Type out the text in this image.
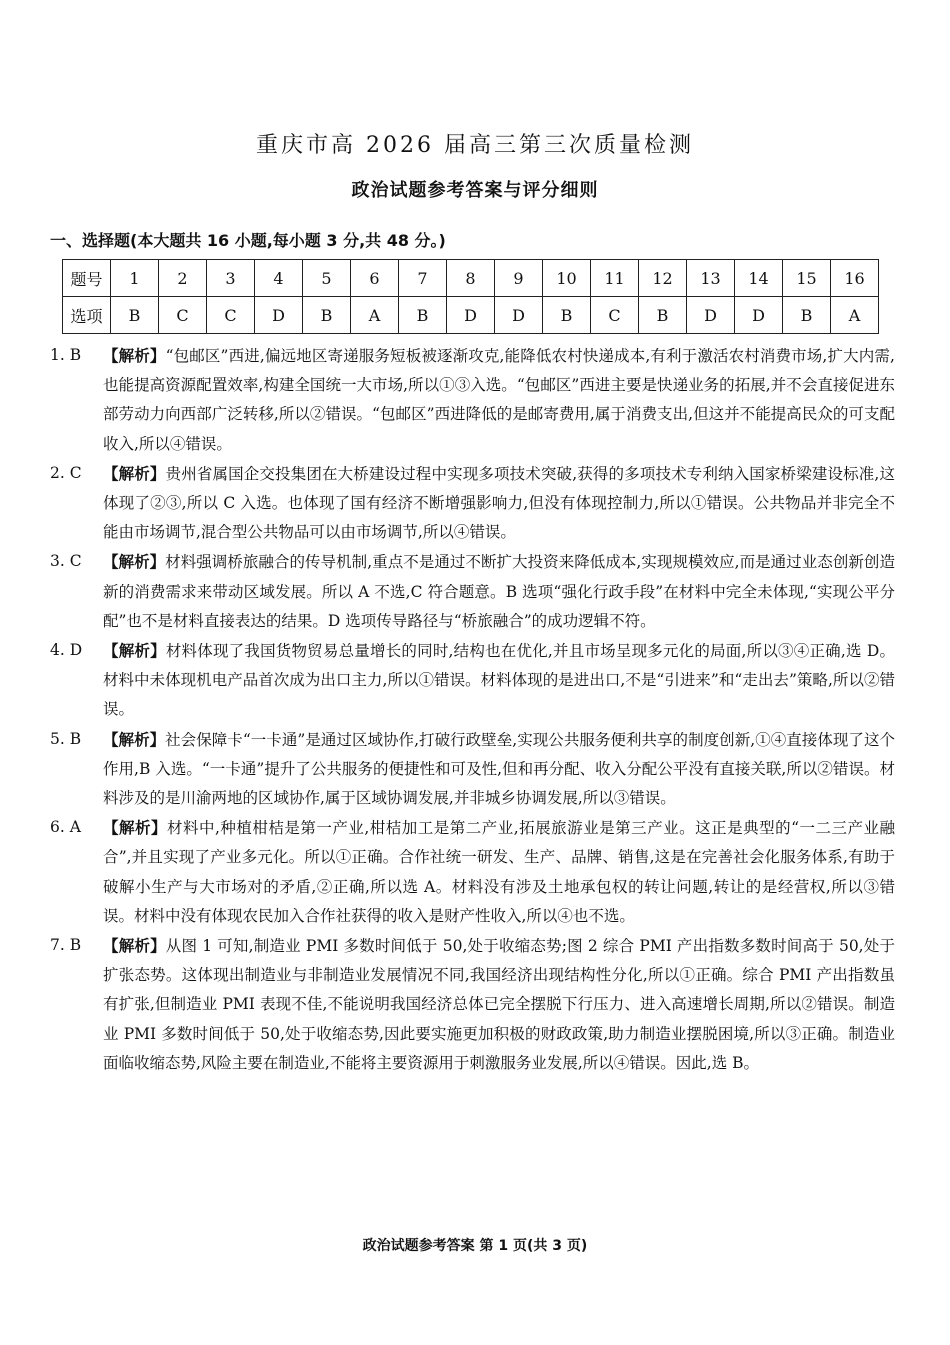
重庆市高 2026 届高三第三次质量检测
政治试题参考答案与评分细则
一、选择题(本大题共 16 小题,每小题 3 分,共 48 分。)
题号	1	2	3	4	5	6	7	8	9	10	11	12	13	14	15	16
选项	B	C	C	D	B	A	B	D	D	B	C	B	D	D	B	A
1. B 【解析】“包邮区”西进,偏远地区寄递服务短板被逐渐攻克,能降低农村快递成本,有利于激活农村消费市场,扩大内需,也能提高资源配置效率,构建全国统一大市场,所以①③入选。“包邮区”西进主要是快递业务的拓展,并不会直接促进东部劳动力向西部广泛转移,所以②错误。“包邮区”西进降低的是邮寄费用,属于消费支出,但这并不能提高民众的可支配收入,所以④错误。
2. C 【解析】贵州省属国企交投集团在大桥建设过程中实现多项技术突破,获得的多项技术专利纳入国家桥梁建设标准,这体现了②③,所以 C 入选。也体现了国有经济不断增强影响力,但没有体现控制力,所以①错误。公共物品并非完全不能由市场调节,混合型公共物品可以由市场调节,所以④错误。
3. C 【解析】材料强调桥旅融合的传导机制,重点不是通过不断扩大投资来降低成本,实现规模效应,而是通过业态创新创造新的消费需求来带动区域发展。所以 A 不选,C 符合题意。B 选项“强化行政手段”在材料中完全未体现,“实现公平分配”也不是材料直接表达的结果。D 选项传导路径与“桥旅融合”的成功逻辑不符。
4. D 【解析】材料体现了我国货物贸易总量增长的同时,结构也在优化,并且市场呈现多元化的局面,所以③④正确,选 D。材料中未体现机电产品首次成为出口主力,所以①错误。材料体现的是进出口,不是“引进来”和“走出去”策略,所以②错误。
5. B 【解析】社会保障卡“一卡通”是通过区域协作,打破行政壁垒,实现公共服务便利共享的制度创新,①④直接体现了这个作用,B 入选。“一卡通”提升了公共服务的便捷性和可及性,但和再分配、收入分配公平没有直接关联,所以②错误。材料涉及的是川渝两地的区域协作,属于区域协调发展,并非城乡协调发展,所以③错误。
6. A 【解析】材料中,种植柑桔是第一产业,柑桔加工是第二产业,拓展旅游业是第三产业。这正是典型的“一二三产业融合”,并且实现了产业多元化。所以①正确。合作社统一研发、生产、品牌、销售,这是在完善社会化服务体系,有助于破解小生产与大市场对的矛盾,②正确,所以选 A。材料没有涉及土地承包权的转让问题,转让的是经营权,所以③错误。材料中没有体现农民加入合作社获得的收入是财产性收入,所以④也不选。
7. B 【解析】从图 1 可知,制造业 PMI 多数时间低于 50,处于收缩态势;图 2 综合 PMI 产出指数多数时间高于 50,处于扩张态势。这体现出制造业与非制造业发展情况不同,我国经济出现结构性分化,所以①正确。综合 PMI 产出指数虽有扩张,但制造业 PMI 表现不佳,不能说明我国经济总体已完全摆脱下行压力、进入高速增长周期,所以②错误。制造业 PMI 多数时间低于 50,处于收缩态势,因此要实施更加积极的财政政策,助力制造业摆脱困境,所以③正确。制造业面临收缩态势,风险主要在制造业,不能将主要资源用于刺激服务业发展,所以④错误。因此,选 B。
政治试题参考答案 第 1 页(共 3 页)
